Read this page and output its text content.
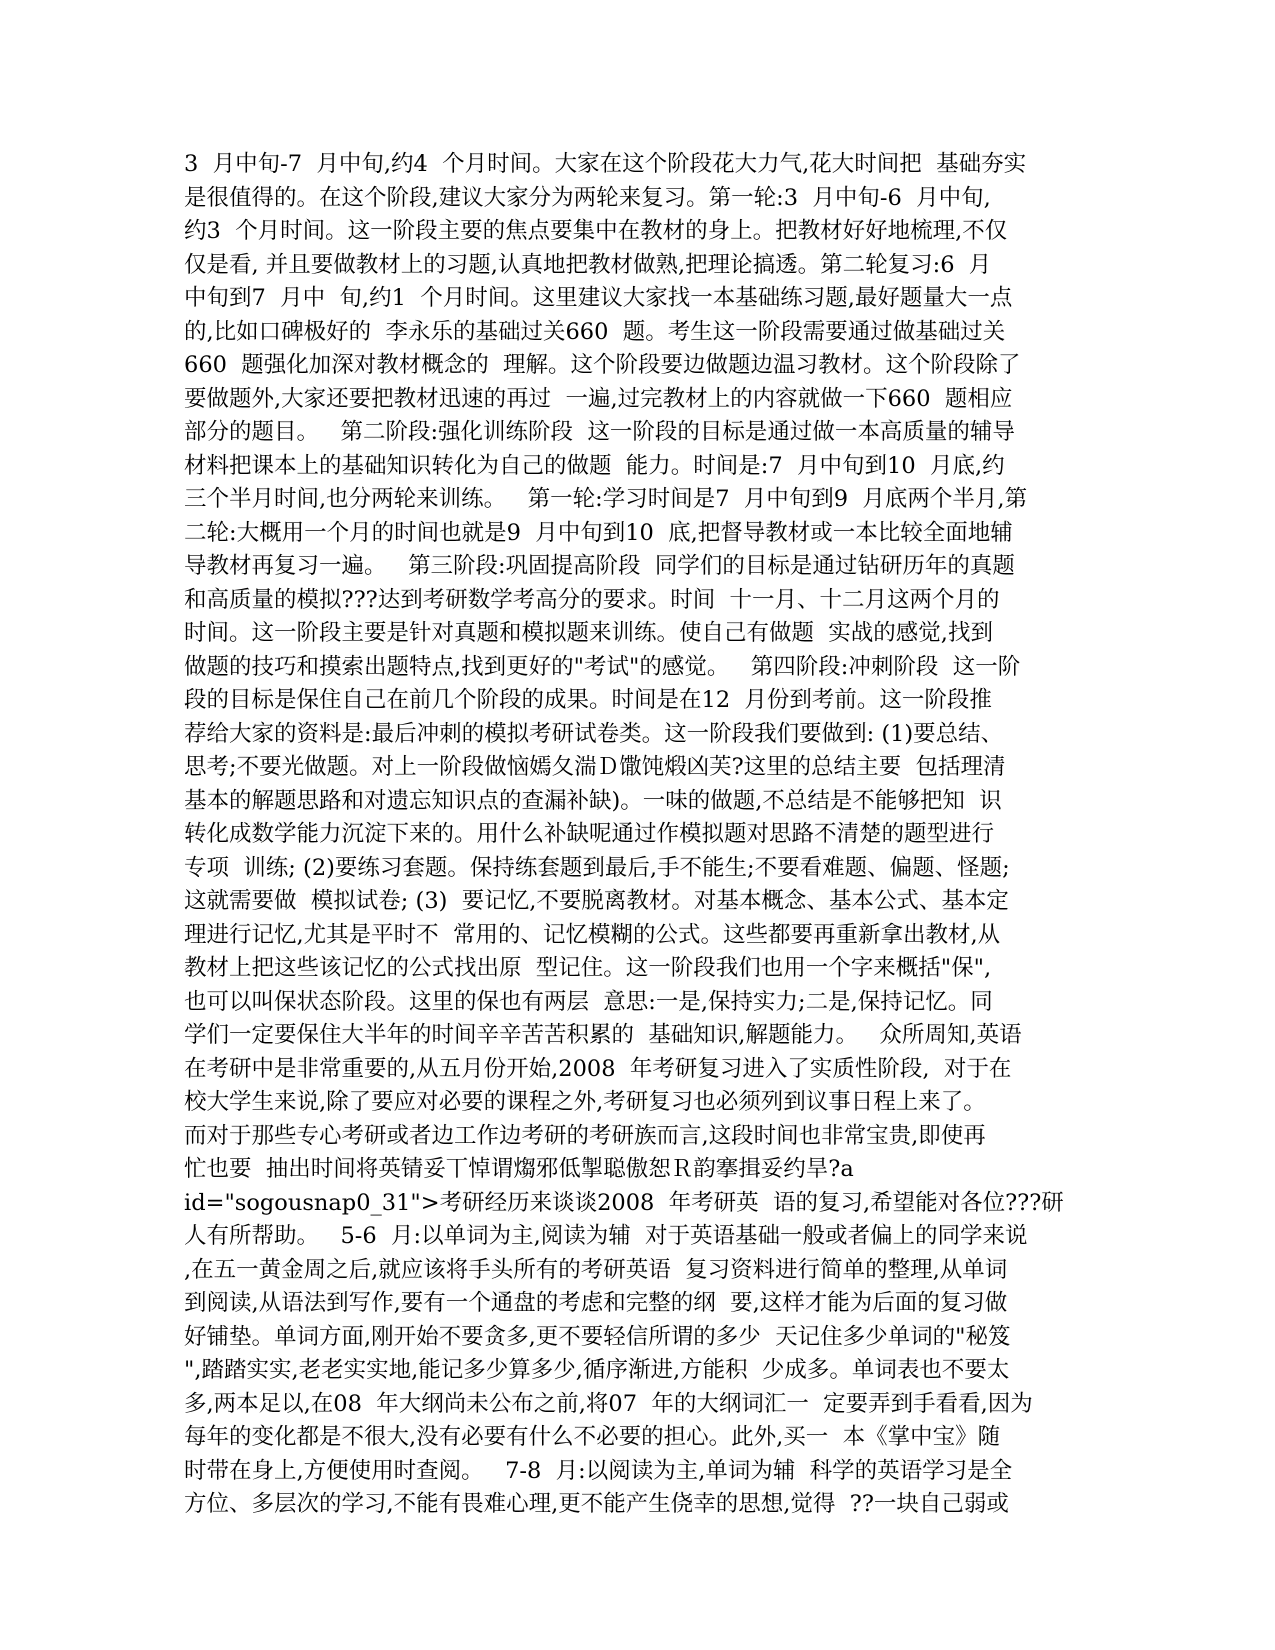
3  月中旬-7  月中旬,约4  个月时间。大家在这个阶段花大力气,花大时间把  基础夯实
是很值得的。在这个阶段,建议大家分为两轮来复习。第一轮:3  月中旬-6  月中旬,
约3  个月时间。这一阶段主要的焦点要集中在教材的身上。把教材好好地梳理,不仅
仅是看, 并且要做教材上的习题,认真地把教材做熟,把理论搞透。第二轮复习:6  月
中旬到7  月中  旬,约1  个月时间。这里建议大家找一本基础练习题,最好题量大一点
的,比如口碑极好的  李永乐的基础过关660  题。考生这一阶段需要通过做基础过关
660  题强化加深对教材概念的  理解。这个阶段要边做题边温习教材。这个阶段除了
要做题外,大家还要把教材迅速的再过  一遍,过完教材上的内容就做一下660  题相应
部分的题目。   第二阶段:强化训练阶段  这一阶段的目标是通过做一本高质量的辅导
材料把课本上的基础知识转化为自己的做题  能力。时间是:7  月中旬到10  月底,约
三个半月时间,也分两轮来训练。   第一轮:学习时间是7  月中旬到9  月底两个半月,第
二轮:大概用一个月的时间也就是9  月中旬到10  底,把督导教材或一本比较全面地辅
导教材再复习一遍。   第三阶段:巩固提高阶段  同学们的目标是通过钻研历年的真题
和高质量的模拟???达到考研数学考高分的要求。时间  十一月、十二月这两个月的
时间。这一阶段主要是针对真题和模拟题来训练。使自己有做题  实战的感觉,找到
做题的技巧和摸索出题特点,找到更好的"考试"的感觉。   第四阶段:冲刺阶段  这一阶
段的目标是保住自己在前几个阶段的成果。时间是在12  月份到考前。这一阶段推
荐给大家的资料是:最后冲刺的模拟考研试卷类。这一阶段我们要做到: (1)要总结、
思考;不要光做题。对上一阶段做恼嫣夂湍Ｄ馓饨煅凶芙?这里的总结主要  包括理清
基本的解题思路和对遗忘知识点的查漏补缺)。一味的做题,不总结是不能够把知  识
转化成数学能力沉淀下来的。用什么补缺呢通过作模拟题对思路不清楚的题型进行
专项  训练; (2)要练习套题。保持练套题到最后,手不能生;不要看难题、偏题、怪题;
这就需要做  模拟试卷; (3)  要记忆,不要脱离教材。对基本概念、基本公式、基本定
理进行记忆,尤其是平时不  常用的、记忆模糊的公式。这些都要再重新拿出教材,从
教材上把这些该记忆的公式找出原  型记住。这一阶段我们也用一个字来概括"保",
也可以叫保状态阶段。这里的保也有两层  意思:一是,保持实力;二是,保持记忆。同
学们一定要保住大半年的时间辛辛苦苦积累的  基础知识,解题能力。   众所周知,英语
在考研中是非常重要的,从五月份开始,2008  年考研复习进入了实质性阶段,  对于在
校大学生来说,除了要应对必要的课程之外,考研复习也必须列到议事日程上来了。
而对于那些专心考研或者边工作边考研的考研族而言,这段时间也非常宝贵,即使再
忙也要  抽出时间将英锖妥丅悼谓煼邪低掣聪傲恕Ｒ韵搴揖妥约旱?a
id="sogousnap0_31">考研经历来谈谈2008  年考研英  语的复习,希望能对各位???研
人有所帮助。   5-6  月:以单词为主,阅读为辅  对于英语基础一般或者偏上的同学来说
,在五一黄金周之后,就应该将手头所有的考研英语  复习资料进行简单的整理,从单词
到阅读,从语法到写作,要有一个通盘的考虑和完整的纲  要,这样才能为后面的复习做
好铺垫。单词方面,刚开始不要贪多,更不要轻信所谓的多少  天记住多少单词的"秘笈
",踏踏实实,老老实实地,能记多少算多少,循序渐进,方能积  少成多。单词表也不要太
多,两本足以,在08  年大纲尚未公布之前,将07  年的大纲词汇一  定要弄到手看看,因为
每年的变化都是不很大,没有必要有什么不必要的担心。此外,买一  本《掌中宝》随
时带在身上,方便使用时查阅。   7-8  月:以阅读为主,单词为辅  科学的英语学习是全
方位、多层次的学习,不能有畏难心理,更不能产生侥幸的思想,觉得  ??一块自己弱或
